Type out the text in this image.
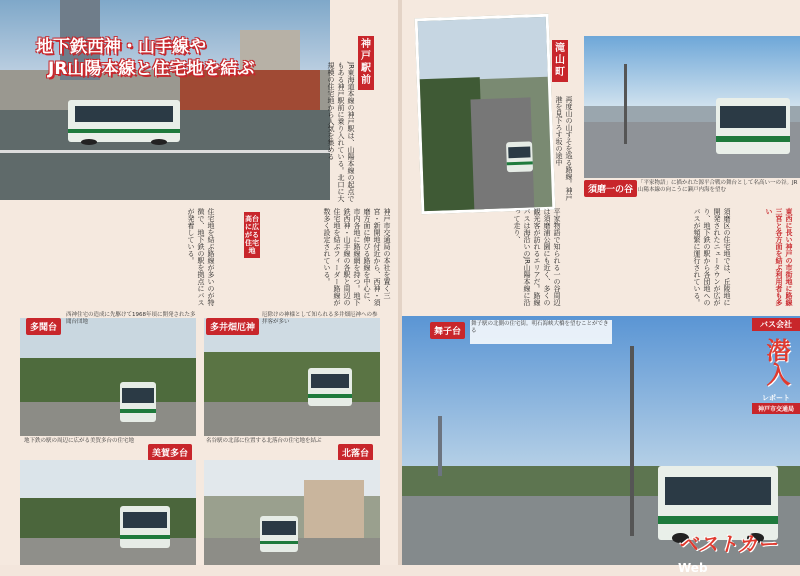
地下鉄西神・山手線や
JR山陽本線と住宅地を結ぶ
神戸駅前
JR東海道本線の神戸駅は、山陽本線の起点でもある神戸駅前に乗り入れている。北口に大規模の住宅地から人気を集める
神戸市交通局の本社を置く三宮・新開地付近から、西神・須磨方面に伸びる路線を中心に、市内各地に路線網を持つ。地下鉄西神・山手線の各駅と周辺の住宅地を結ぶフィーダー路線が数多く設定されている。
高台に広がる住宅地
住宅地を結ぶ路線が多いのが特徴で、地下鉄の駅を拠点にバスが発着している。
多聞台
西神住宅の造成に先駆けて1968年頃に開発された多聞台団地
多井畑厄神
厄除けの神様として知られる多井畑厄神への参拝客が多い
地下鉄の駅の周辺に広がる美賀多台の住宅地
美賀多台
名谷駅の北部に位置する北落台の住宅地を結ぶ
北落台
滝山町
再度山の山すそを巡る路線。神戸港を見下ろす坂の途中
須磨一の谷
「平家物語」に描かれた源平合戦の舞台として名高い一の谷。JR山陽本線の向こうに瀬戸内海を望む
平家物語で知られる一の谷周辺は須磨浦公園にも近く、多くの観光客が訪れるエリアだ。路線バスは海沿いのJR山陽本線に沿って走り、	須磨区の住宅地では、丘陵地に開発されたニュータウンが広がり、地下鉄の駅から各団地へのバスが頻繁に運行されている。	東西に長い神戸の市街地に路線 三宮と各方面を結ぶ利用者も多い
舞子台
舞子駅の北側の住宅街。明石海峡大橋を望むことができる
バス会社
潜入
レポート
神戸市交通局
ベストカー Web
